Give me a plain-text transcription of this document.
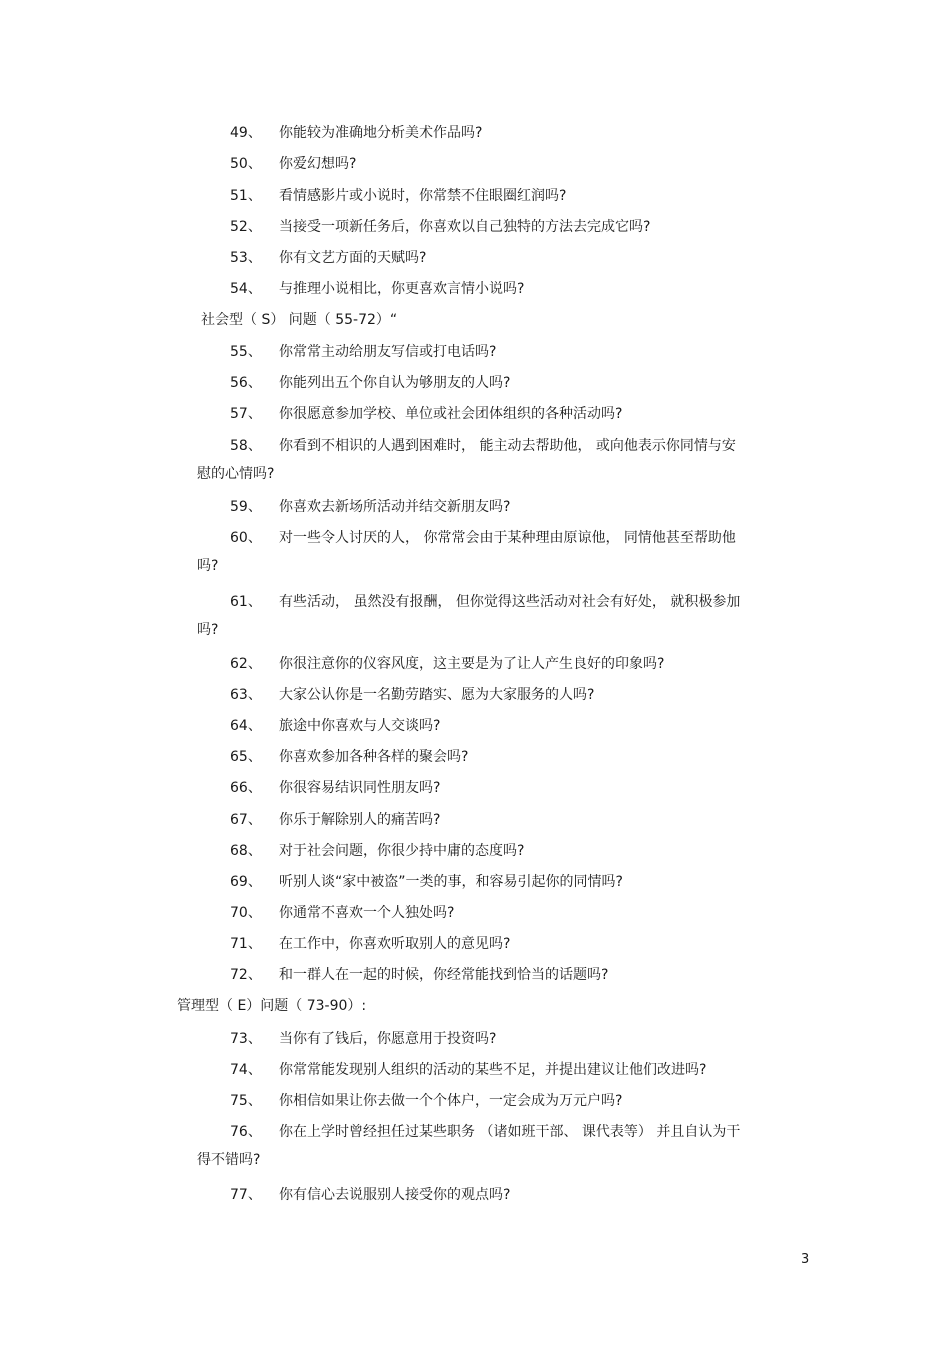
49、 你能较为准确地分析美术作品吗?
50、 你爱幻想吗?
51、 看情感影片或小说时，你常禁不住眼圈红润吗?
52、 当接受一项新任务后，你喜欢以自己独特的方法去完成它吗?
53、 你有文艺方面的天赋吗?
54、 与推理小说相比，你更喜欢言情小说吗?
社会型（ S） 问题（ 55-72）“
55、 你常常主动给朋友写信或打电话吗?
56、 你能列出五个你自认为够朋友的人吗?
57、 你很愿意参加学校、单位或社会团体组织的各种活动吗?
58、 你看到不相识的人遇到困难时， 能主动去帮助他， 或向他表示你同情与安
慰的心情吗?
59、 你喜欢去新场所活动并结交新朋友吗?
60、 对一些令人讨厌的人， 你常常会由于某种理由原谅他， 同情他甚至帮助他
吗?
61、 有些活动， 虽然没有报酬， 但你觉得这些活动对社会有好处， 就积极参加
吗?
62、 你很注意你的仪容风度，这主要是为了让人产生良好的印象吗?
63、 大家公认你是一名勤劳踏实、愿为大家服务的人吗?
64、 旅途中你喜欢与人交谈吗?
65、 你喜欢参加各种各样的聚会吗?
66、 你很容易结识同性朋友吗?
67、 你乐于解除别人的痛苦吗?
68、 对于社会问题，你很少持中庸的态度吗?
69、 听别人谈“家中被盗”一类的事，和容易引起你的同情吗?
70、 你通常不喜欢一个人独处吗?
71、 在工作中，你喜欢听取别人的意见吗?
72、 和一群人在一起的时候，你经常能找到恰当的话题吗?
管理型（ E）问题（ 73-90）:
73、 当你有了钱后，你愿意用于投资吗?
74、 你常常能发现别人组织的活动的某些不足，并提出建议让他们改进吗?
75、 你相信如果让你去做一个个体户，一定会成为万元户吗?
76、 你在上学时曾经担任过某些职务 （诸如班干部、 课代表等） 并且自认为干
得不错吗?
77、 你有信心去说服别人接受你的观点吗?
3
